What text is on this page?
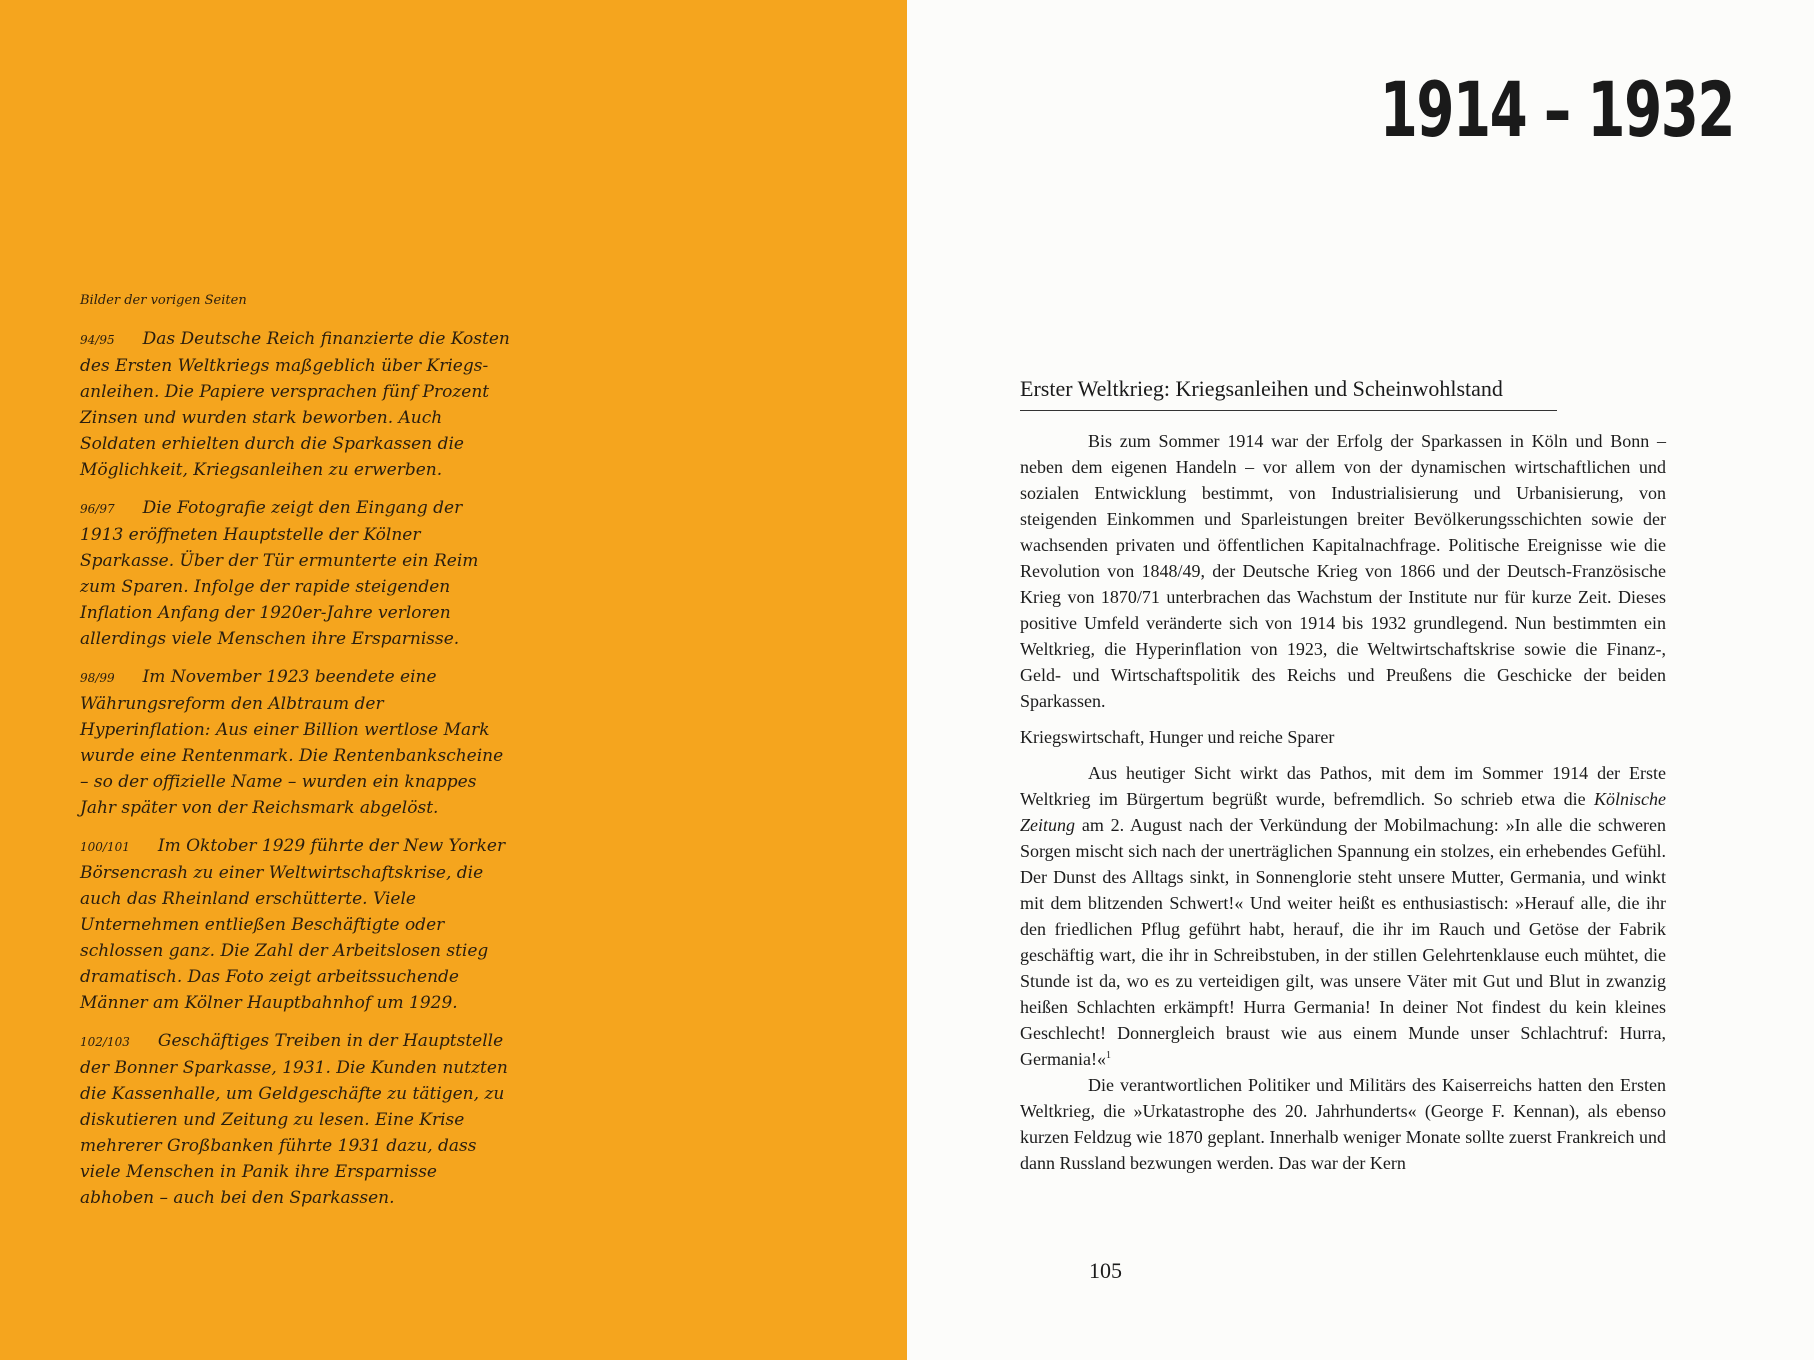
Bilder der vorigen Seiten
94/95 Das Deutsche Reich finanzierte die Kosten des Ersten Weltkriegs maßgeblich über Kriegsanleihen. Die Papiere versprachen fünf Prozent Zinsen und wurden stark beworben. Auch Soldaten erhielten durch die Sparkassen die Möglichkeit, Kriegsanleihen zu erwerben.
96/97 Die Fotografie zeigt den Eingang der 1913 eröffneten Hauptstelle der Kölner Sparkasse. Über der Tür ermunterte ein Reim zum Sparen. Infolge der rapide steigenden Inflation Anfang der 1920er-Jahre verloren allerdings viele Menschen ihre Ersparnisse.
98/99 Im November 1923 beendete eine Währungsreform den Albtraum der Hyperinflation: Aus einer Billion wertlose Mark wurde eine Rentenmark. Die Rentenbankscheine – so der offizielle Name – wurden ein knappes Jahr später von der Reichsmark abgelöst.
100/101 Im Oktober 1929 führte der New Yorker Börsencrash zu einer Weltwirtschaftskrise, die auch das Rheinland erschütterte. Viele Unternehmen entließen Beschäftigte oder schlossen ganz. Die Zahl der Arbeitslosen stieg dramatisch. Das Foto zeigt arbeitssuchende Männer am Kölner Hauptbahnhof um 1929.
102/103 Geschäftiges Treiben in der Hauptstelle der Bonner Sparkasse, 1931. Die Kunden nutzten die Kassenhalle, um Geldgeschäfte zu tätigen, zu diskutieren und Zeitung zu lesen. Eine Krise mehrerer Großbanken führte 1931 dazu, dass viele Menschen in Panik ihre Ersparnisse abhoben – auch bei den Sparkassen.
1914 – 1932
Erster Weltkrieg: Kriegsanleihen und Scheinwohlstand

Bis zum Sommer 1914 war der Erfolg der Sparkassen in Köln und Bonn – neben dem eigenen Handeln – vor allem von der dynamischen wirtschaftlichen und sozialen Entwicklung bestimmt, von Industrialisierung und Urbanisierung, von steigenden Einkommen und Sparleistungen breiter Bevölkerungsschichten sowie der wachsenden privaten und öffentlichen Kapitalnachfrage. Politische Ereignisse wie die Revolution von 1848/49, der Deutsche Krieg von 1866 und der Deutsch-Französische Krieg von 1870/71 unterbrachen das Wachstum der Institute nur für kurze Zeit. Dieses positive Umfeld veränderte sich von 1914 bis 1932 grundlegend. Nun bestimmten ein Weltkrieg, die Hyperinflation von 1923, die Weltwirtschaftskrise sowie die Finanz-, Geld- und Wirtschaftspolitik des Reichs und Preußens die Geschicke der beiden Sparkassen.

Kriegswirtschaft, Hunger und reiche Sparer

Aus heutiger Sicht wirkt das Pathos, mit dem im Sommer 1914 der Erste Weltkrieg im Bürgertum begrüßt wurde, befremdlich. So schrieb etwa die Kölnische Zeitung am 2. August nach der Verkündung der Mobilmachung: »In alle die schweren Sorgen mischt sich nach der unerträglichen Spannung ein stolzes, ein erhebendes Gefühl. Der Dunst des Alltags sinkt, in Sonnenglorie steht unsere Mutter, Germania, und winkt mit dem blitzenden Schwert!« Und weiter heißt es enthusiastisch: »Herauf alle, die ihr den friedlichen Pflug geführt habt, herauf, die ihr im Rauch und Getöse der Fabrik geschäftig wart, die ihr in Schreibstuben, in der stillen Gelehrtenklause euch mühtet, die Stunde ist da, wo es zu verteidigen gilt, was unsere Väter mit Gut und Blut in zwanzig heißen Schlachten erkämpft! Hurra Germania! In deiner Not findest du kein kleines Geschlecht! Donnergleich braust wie aus einem Munde unser Schlachtruf: Hurra, Germania!«$^1$

Die verantwortlichen Politiker und Militärs des Kaiserreichs hatten den Ersten Weltkrieg, die »Urkatastrophe des 20. Jahrhunderts« (George F. Kennan), als ebenso kurzen Feldzug wie 1870 geplant. Innerhalb weniger Monate sollte zuerst Frankreich und dann Russland bezwungen werden. Das war der Kern

105
